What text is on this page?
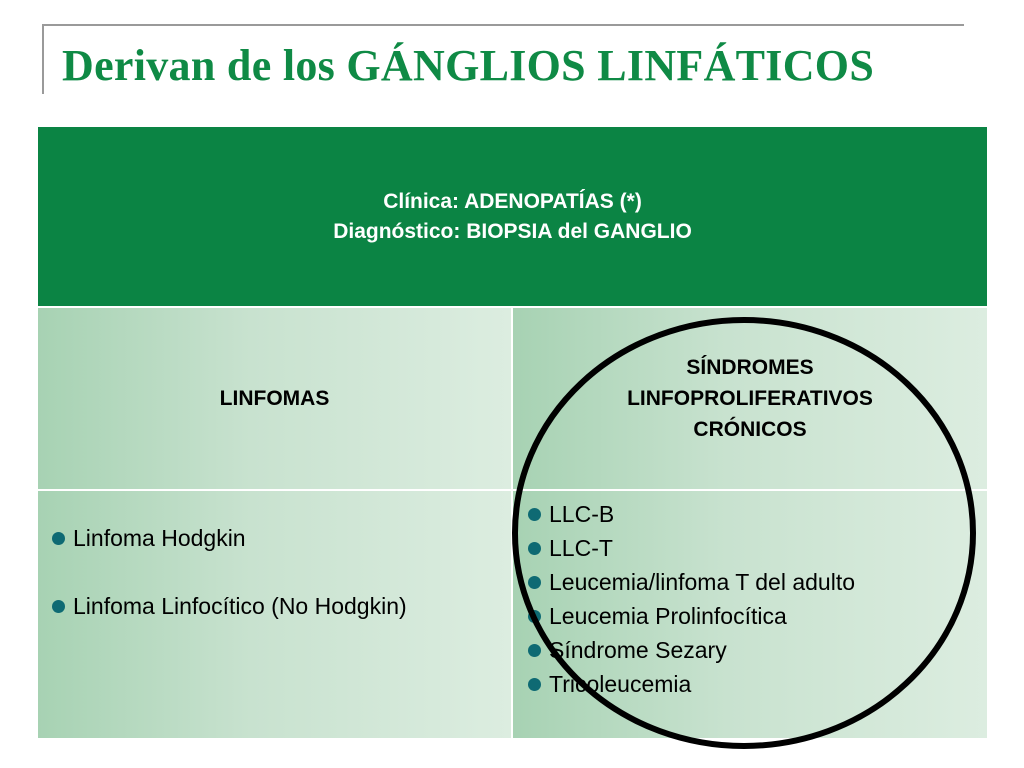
Derivan de los GÁNGLIOS LINFÁTICOS
Clínica: ADENOPATÍAS (*)
Diagnóstico: BIOPSIA del GANGLIO
LINFOMAS
SÍNDROMES
LINFOPROLIFERATIVOS
CRÓNICOS
Linfoma Hodgkin
Linfoma Linfocítico (No Hodgkin)
LLC-B
LLC-T
Leucemia/linfoma T del adulto
Leucemia Prolinfocítica
Síndrome Sezary
Tricoleucemia
